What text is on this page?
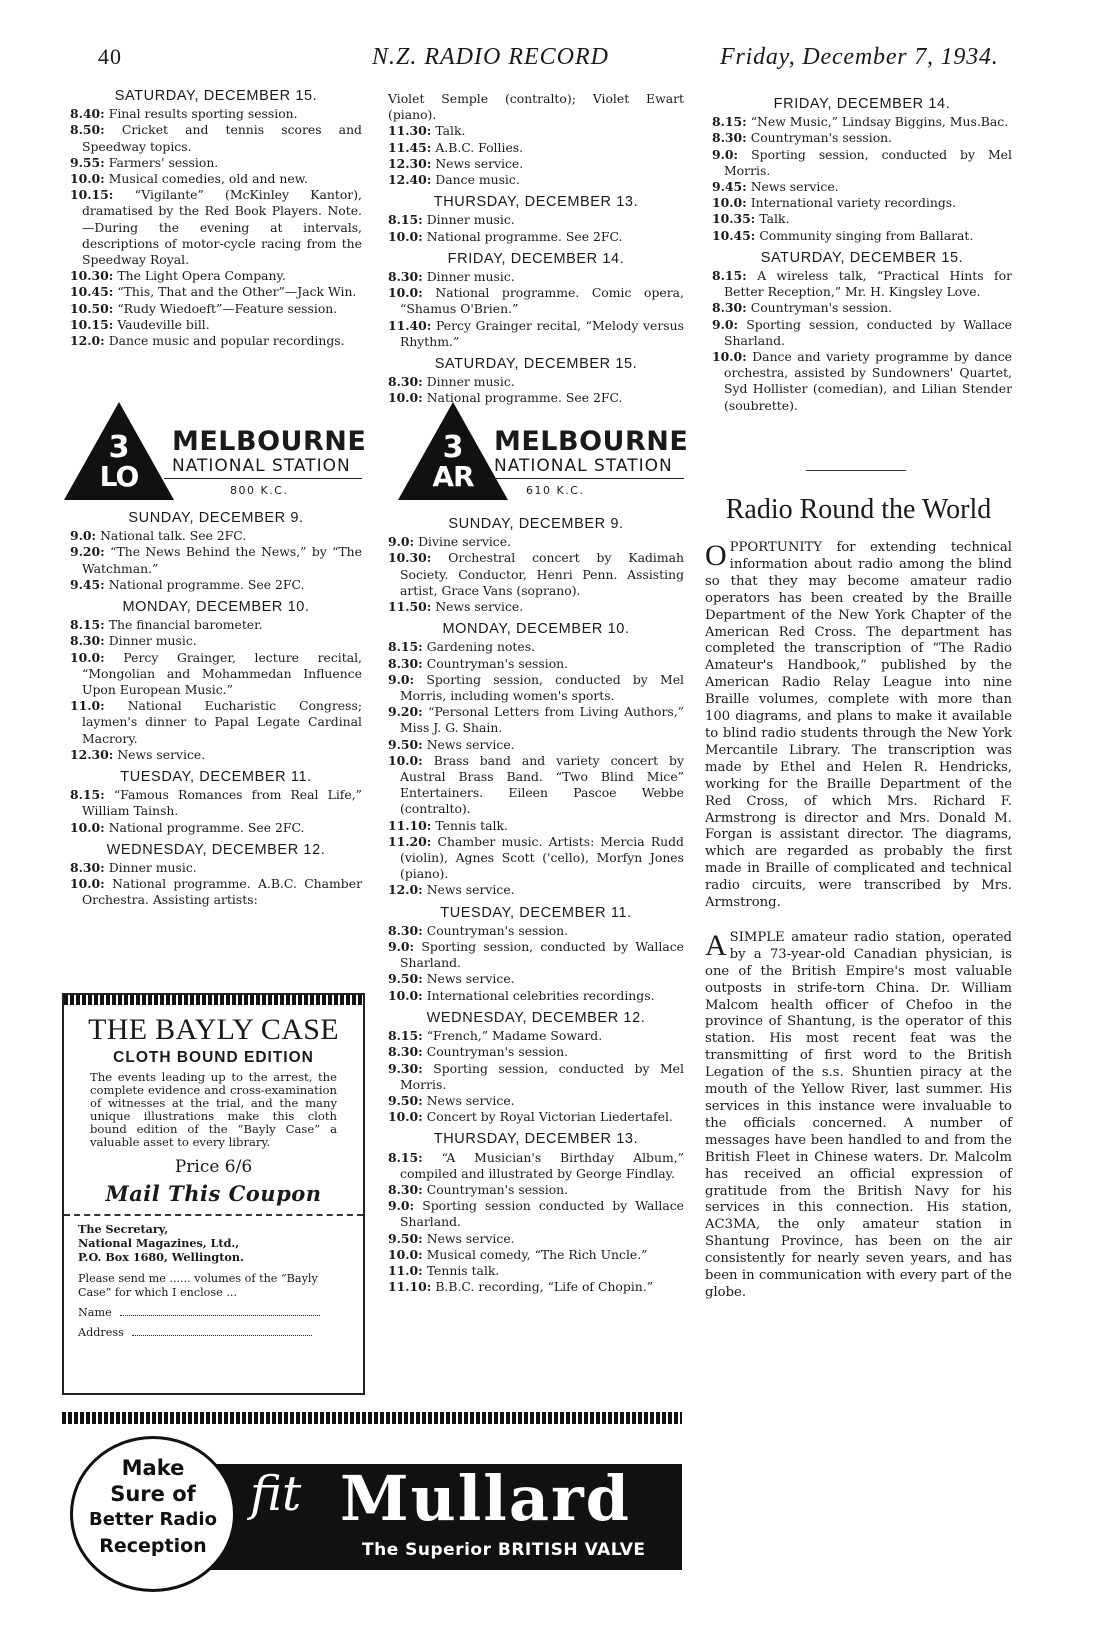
40	N.Z. RADIO RECORD	Friday, December 7, 1934.
SATURDAY, DECEMBER 15.
8.40: Final results sporting session.
8.50: Cricket and tennis scores and Speedway topics.
9.55: Farmers' session.
10.0: Musical comedies, old and new.
10.15: “Vigilante” (McKinley Kantor), dramatised by the Red Book Players. Note.—During the evening at intervals, descriptions of motor-cycle racing from the Speedway Royal.
10.30: The Light Opera Company.
10.45: “This, That and the Other”—Jack Win.
10.50: “Rudy Wiedoeft”—Feature session.
10.15: Vaudeville bill.
12.0: Dance music and popular recordings.
3
LO
MELBOURNE
NATIONAL STATION
800 K.C.
SUNDAY, DECEMBER 9.
9.0: National talk. See 2FC.
9.20: “The News Behind the News,” by “The Watchman.”
9.45: National programme. See 2FC.
MONDAY, DECEMBER 10.
8.15: The financial barometer.
8.30: Dinner music.
10.0: Percy Grainger, lecture recital, “Mongolian and Mohammedan Influence Upon European Music.”
11.0: National Eucharistic Congress; laymen's dinner to Papal Legate Cardinal Macrory.
12.30: News service.
TUESDAY, DECEMBER 11.
8.15: “Famous Romances from Real Life,” William Tainsh.
10.0: National programme. See 2FC.
WEDNESDAY, DECEMBER 12.
8.30: Dinner music.
10.0: National programme. A.B.C. Chamber Orchestra. Assisting artists:
THE BAYLY CASE
CLOTH BOUND EDITION
The events leading up to the arrest, the complete evidence and cross-examination of witnesses at the trial, and the many unique illustrations make this cloth bound edition of the “Bayly Case” a valuable asset to every library.
Price 6/6
Mail This Coupon
The Secretary,
National Magazines, Ltd.,
P.O. Box 1680, Wellington.
Please send me ...... volumes of the “Bayly Case” for which I enclose ...
Name
Address
Violet Semple (contralto); Violet Ewart (piano).
11.30: Talk.
11.45: A.B.C. Follies.
12.30: News service.
12.40: Dance music.
THURSDAY, DECEMBER 13.
8.15: Dinner music.
10.0: National programme. See 2FC.
FRIDAY, DECEMBER 14.
8.30: Dinner music.
10.0: National programme. Comic opera, “Shamus O'Brien.”
11.40: Percy Grainger recital, “Melody versus Rhythm.”
SATURDAY, DECEMBER 15.
8.30: Dinner music.
10.0: National programme. See 2FC.
3
AR
MELBOURNE
NATIONAL STATION
610 K.C.
SUNDAY, DECEMBER 9.
9.0: Divine service.
10.30: Orchestral concert by Kadimah Society. Conductor, Henri Penn. Assisting artist, Grace Vans (soprano).
11.50: News service.
MONDAY, DECEMBER 10.
8.15: Gardening notes.
8.30: Countryman's session.
9.0: Sporting session, conducted by Mel Morris, including women's sports.
9.20: “Personal Letters from Living Authors,” Miss J. G. Shain.
9.50: News service.
10.0: Brass band and variety concert by Austral Brass Band. “Two Blind Mice” Entertainers. Eileen Pascoe Webbe (contralto).
11.10: Tennis talk.
11.20: Chamber music. Artists: Mercia Rudd (violin), Agnes Scott ('cello), Morfyn Jones (piano).
12.0: News service.
TUESDAY, DECEMBER 11.
8.30: Countryman's session.
9.0: Sporting session, conducted by Wallace Sharland.
9.50: News service.
10.0: International celebrities recordings.
WEDNESDAY, DECEMBER 12.
8.15: “French,” Madame Soward.
8.30: Countryman's session.
9.30: Sporting session, conducted by Mel Morris.
9.50: News service.
10.0: Concert by Royal Victorian Liedertafel.
THURSDAY, DECEMBER 13.
8.15: “A Musician's Birthday Album,” compiled and illustrated by George Findlay.
8.30: Countryman's session.
9.0: Sporting session conducted by Wallace Sharland.
9.50: News service.
10.0: Musical comedy, “The Rich Uncle.”
11.0: Tennis talk.
11.10: B.B.C. recording, “Life of Chopin.”
FRIDAY, DECEMBER 14.
8.15: “New Music,” Lindsay Biggins, Mus.Bac.
8.30: Countryman's session.
9.0: Sporting session, conducted by Mel Morris.
9.45: News service.
10.0: International variety recordings.
10.35: Talk.
10.45: Community singing from Ballarat.
SATURDAY, DECEMBER 15.
8.15: A wireless talk, “Practical Hints for Better Reception,” Mr. H. Kingsley Love.
8.30: Countryman's session.
9.0: Sporting session, conducted by Wallace Sharland.
10.0: Dance and variety programme by dance orchestra, assisted by Sundowners' Quartet, Syd Hollister (comedian), and Lilian Stender (soubrette).
Radio Round the World

OPPORTUNITY for extending technical information about radio among the blind so that they may become amateur radio operators has been created by the Braille Department of the New York Chapter of the American Red Cross. The department has completed the transcription of “The Radio Amateur's Handbook,” published by the American Radio Relay League into nine Braille volumes, complete with more than 100 diagrams, and plans to make it available to blind radio students through the New York Mercantile Library. The transcription was made by Ethel and Helen R. Hendricks, working for the Braille Department of the Red Cross, of which Mrs. Richard F. Armstrong is director and Mrs. Donald M. Forgan is assistant director. The diagrams, which are regarded as probably the first made in Braille of complicated and technical radio circuits, were transcribed by Mrs. Armstrong.

ASIMPLE amateur radio station, operated by a 73-year-old Canadian physician, is one of the British Empire's most valuable outposts in strife-torn China. Dr. William Malcom health officer of Chefoo in the province of Shantung, is the operator of this station. His most recent feat was the transmitting of first word to the British Legation of the s.s. Shuntien piracy at the mouth of the Yellow River, last summer. His services in this instance were invaluable to the officials concerned. A number of messages have been handled to and from the British Fleet in Chinese waters. Dr. Malcolm has received an official expression of gratitude from the British Navy for his services in this connection. His station, AC3MA, the only amateur station in Shantung Province, has been on the air consistently for nearly seven years, and has been in communication with every part of the globe.

Make
Sure of
Better Radio
Reception
fit Mullard
The Superior BRITISH VALVE
